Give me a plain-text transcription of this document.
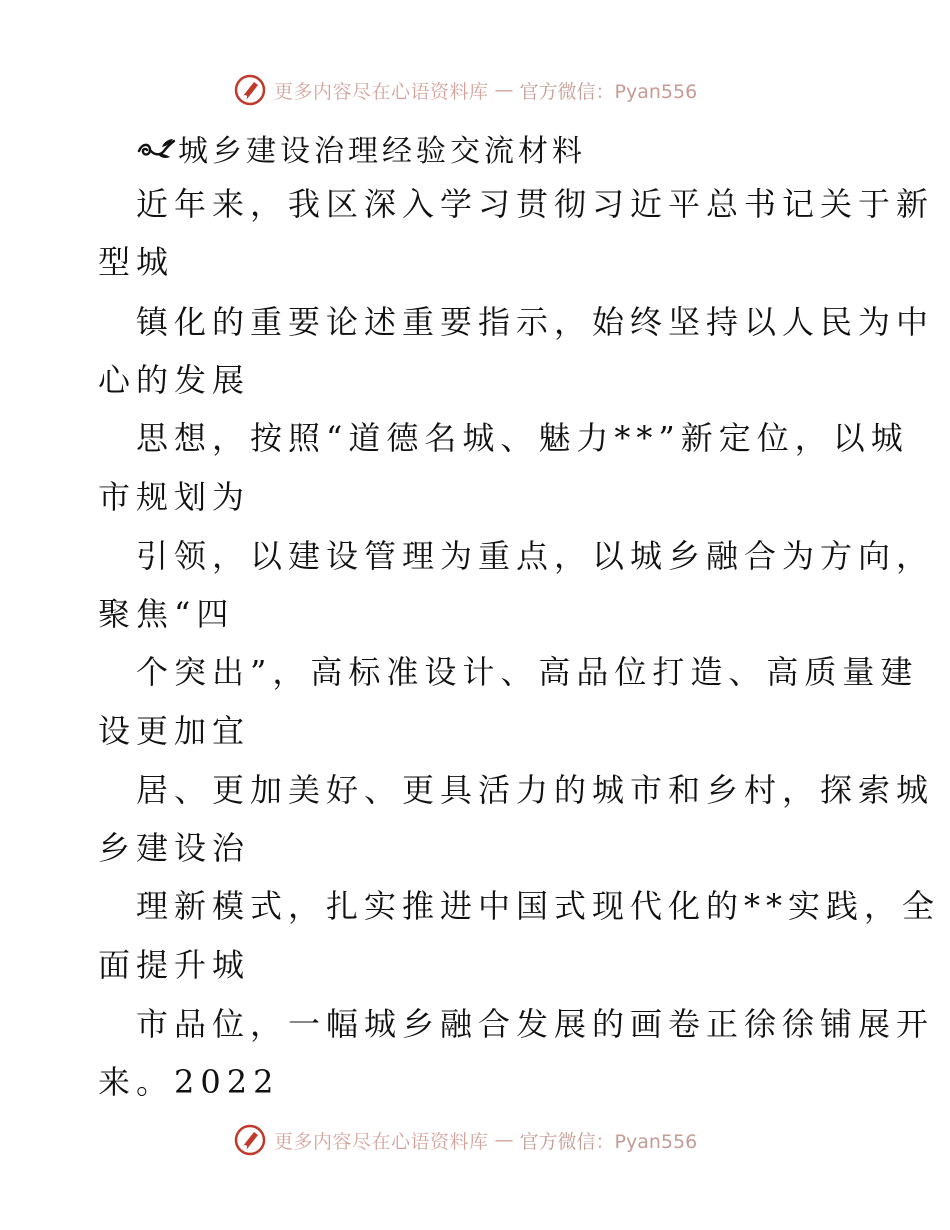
更多内容尽在心语资料库 — 官方微信：Pyan556
城乡建设治理经验交流材料
近年来，我区深入学习贯彻习近平总书记关于新
型城
镇化的重要论述重要指示，始终坚持以人民为中
心的发展
思想，按照“道德名城、魅力**”新定位，以城
市规划为
引领，以建设管理为重点，以城乡融合为方向，
聚焦“四
个突出”，高标准设计、高品位打造、高质量建
设更加宜
居、更加美好、更具活力的城市和乡村，探索城
乡建设治
理新模式，扎实推进中国式现代化的**实践，全
面提升城
市品位，一幅城乡融合发展的画卷正徐徐铺展开
来。2022
更多内容尽在心语资料库 — 官方微信：Pyan556
